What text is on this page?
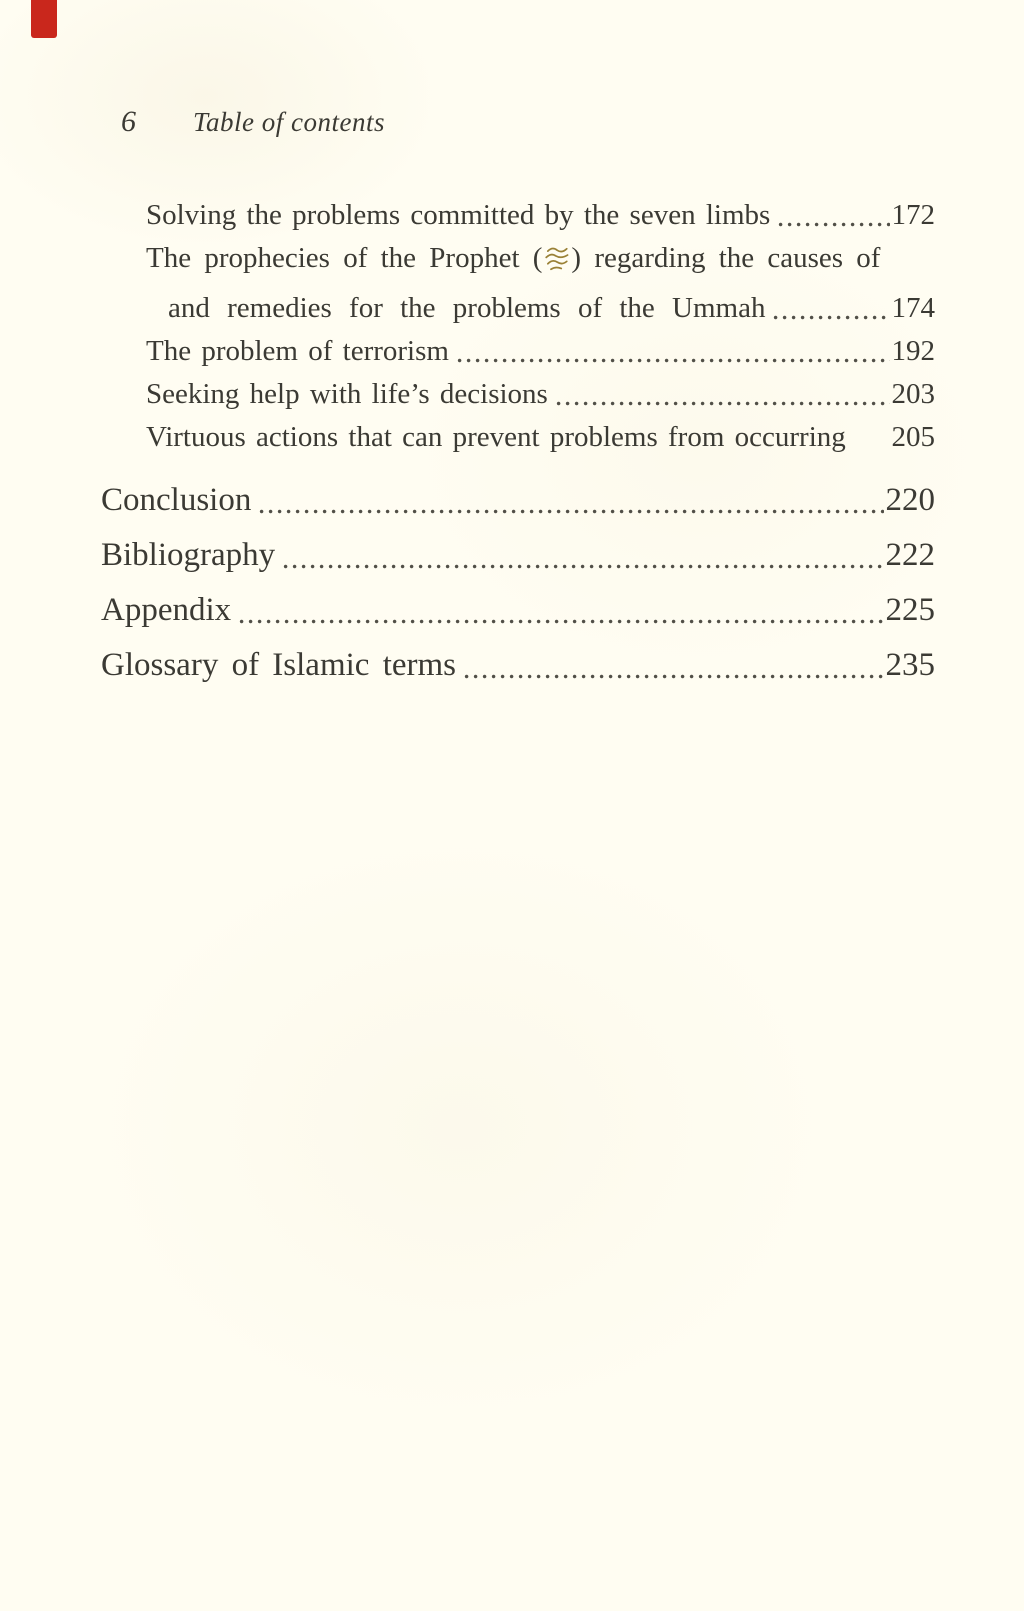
6 Table of contents
Solving the problems committed by the seven limbs	172
The prophecies of the Prophet ( ) regarding the causes of
and remedies for the problems of the Ummah	174
The problem of terrorism	192
Seeking help with life’s decisions	203
Virtuous actions that can prevent problems from occurring 205
Conclusion	220
Bibliography	222
Appendix	225
Glossary of Islamic terms	235
